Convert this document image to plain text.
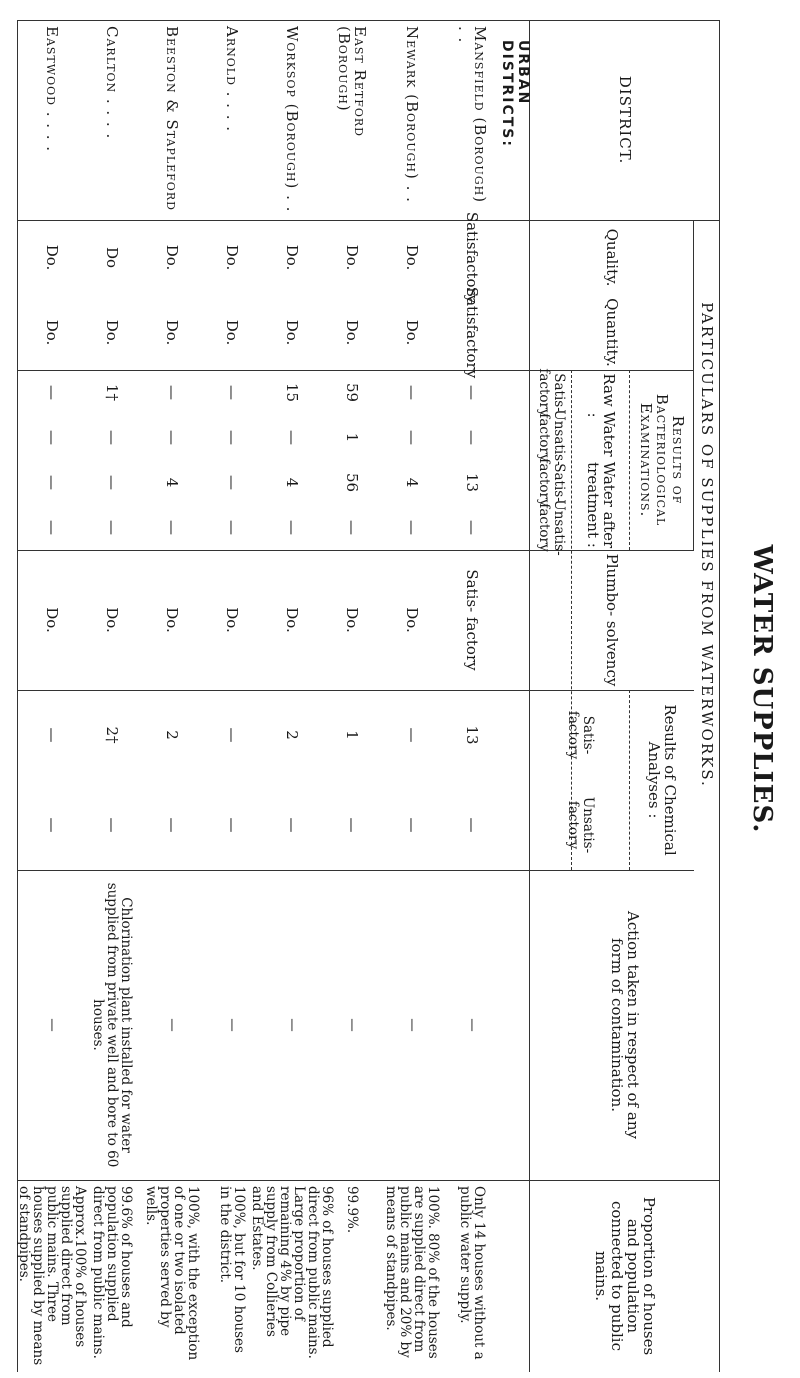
WATER SUPPLIES.
DISTRICT.
PARTICULARS OF SUPPLIES FROM WATERWORKS.
Quality.
Quantity.
Results of Bacteriological Examinations.
Raw Water :
Water after treatment :
Results of Chemical Analyses :
Plumbo- solvency
Satis- factory
Unsatis- factory
Satis- factory
Unsatis- factory
Satis- factory
Unsatis- factory
Action taken in respect of any form of contamination.
Proportion of houses and population connected to public mains.
URBAN DISTRICTS:
Mansfield (Borough) . .
Satisfactory
Satisfactory
—
—
13
—
Satis- factory
13
—
—
Only 14 houses without a public water supply.
Newark (Borough) . .
Do.
Do.
—
—
4
—
Do.
—
—
—
100%. 80% of the houses are supplied direct from public mains and 20% by means of standpipes.
East Retford (Borough)
Do.
Do.
59
1
56
—
Do.
1
—
—
99.9%.
Worksop (Borough) . .
Do.
Do.
15
—
4
—
Do.
2
—
—
96% of houses supplied direct from public mains. Large proportion of remaining 4% by pipe supply from Collieries and Estates.
Arnold . . . .
Do.
Do.
—
—
—
—
Do.
—
—
—
100%, but for 10 houses in the district.
Beeston & Stapleford
Do.
Do.
—
—
4
—
Do.
2
—
—
100%, with the exception of one or two isolated properties served by wells.
Carlton . . . .
Do
Do.
1†
—
—
—
Do.
2†
—
Chlorination plant installed for water supplied from private well and bore to 60 houses.
99.6% of houses and population supplied direct from public mains.
Eastwood . . . .
Do.
Do.
—
—
—
—
Do.
—
—
—
Approx.100% of houses supplied direct from public mains. Three houses supplied by means of standpipes.
